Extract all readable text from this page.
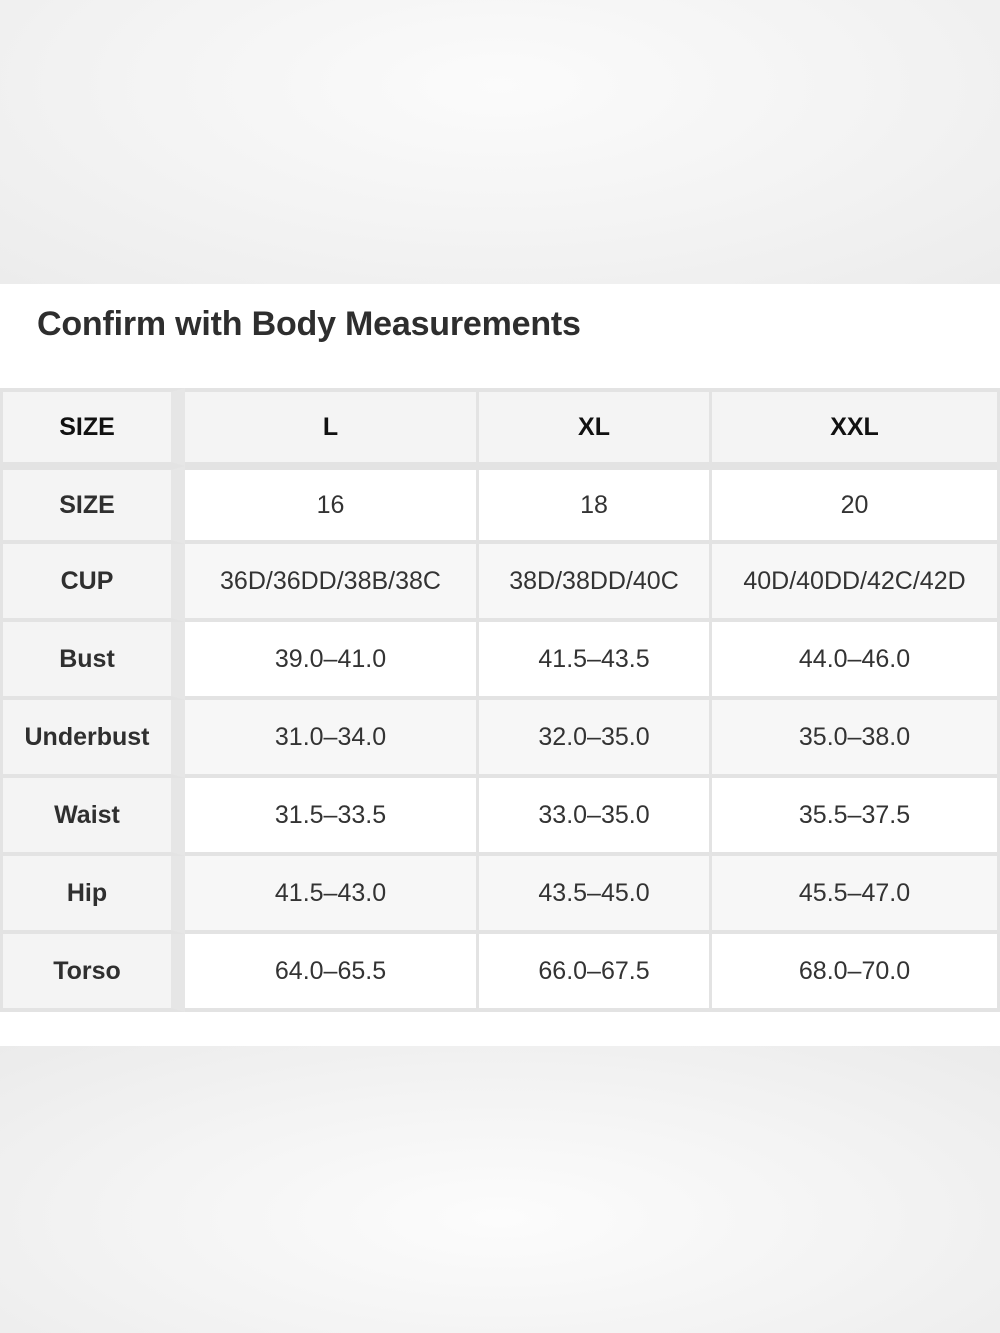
Confirm with Body Measurements
SIZE	L	XL	XXL
SIZE	16	18	20
CUP	36D/36DD/38B/38C	38D/38DD/40C	40D/40DD/42C/42D
Bust	39.0–41.0	41.5–43.5	44.0–46.0
Underbust	31.0–34.0	32.0–35.0	35.0–38.0
Waist	31.5–33.5	33.0–35.0	35.5–37.5
Hip	41.5–43.0	43.5–45.0	45.5–47.0
Torso	64.0–65.5	66.0–67.5	68.0–70.0
